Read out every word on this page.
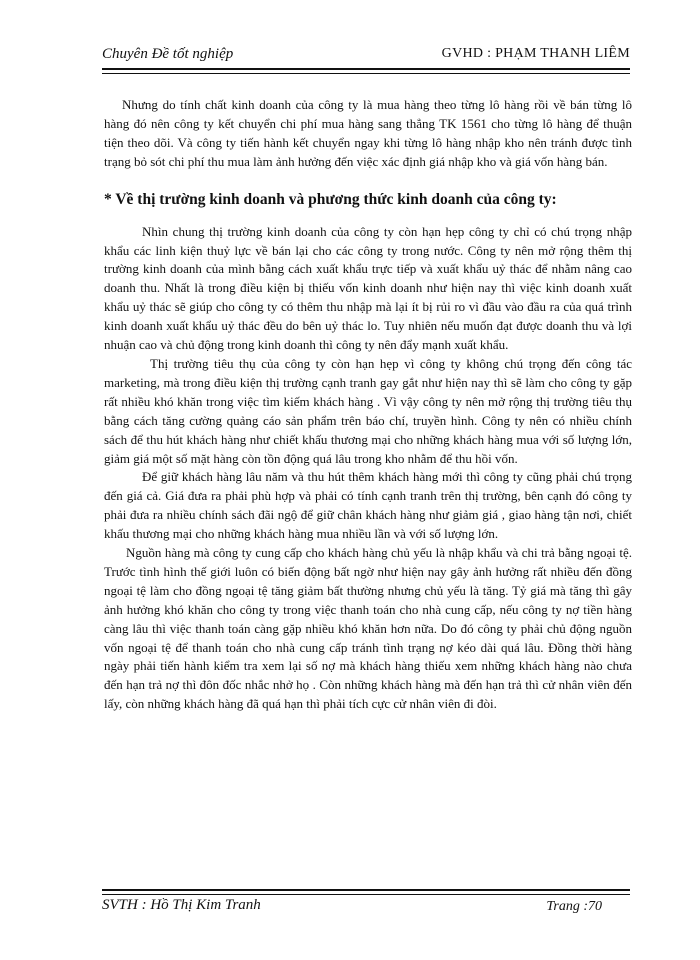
Chuyên Đề tốt nghiệp	GVHD : PHẠM THANH LIÊM

Nhưng do tính chất kinh doanh của công ty là mua hàng theo từng lô hàng rồi về bán từng lô hàng đó nên công ty kết chuyển chi phí mua hàng sang thẳng TK 1561 cho từng lô hàng để thuận tiện theo dõi. Và công ty tiến hành kết chuyển ngay khi từng lô hàng nhập kho nên tránh được tình trạng bỏ sót chi phí thu mua làm ảnh hưởng đến việc xác định giá nhập kho và giá vốn hàng bán.

* Về thị trường kinh doanh và phương thức kinh doanh của công ty:

Nhìn chung thị trường kinh doanh của công ty còn hạn hẹp công ty chỉ có chú trọng nhập khẩu các linh kiện thuỷ lực về bán lại cho các công ty trong nước. Công ty nên mở rộng thêm thị trường kinh doanh của mình bằng cách xuất khẩu trực tiếp và xuất khẩu uỷ thác để nhằm nâng cao doanh thu. Nhất là trong điều kiện bị thiếu vốn kinh doanh như hiện nay thì việc kinh doanh xuất khẩu uỷ thác sẽ giúp cho công ty có thêm thu nhập mà lại ít bị rủi ro vì đầu vào đầu ra của quá trình kinh doanh xuất khẩu uỷ thác đều do bên uỷ thác lo. Tuy nhiên nếu muốn đạt được doanh thu và lợi nhuận cao và chủ động trong kinh doanh thì công ty nên đẩy mạnh xuất khẩu.

Thị trường tiêu thụ của công ty còn hạn hẹp vì công ty không chú trọng đến công tác marketing, mà trong điều kiện thị trường cạnh tranh gay gắt như hiện nay thì sẽ làm cho công ty gặp rất nhiều khó khăn trong việc tìm kiếm khách hàng . Vì vậy công ty nên mở rộng thị trường tiêu thụ bằng cách tăng cường quảng cáo sản phẩm trên báo chí, truyền hình. Công ty nên có nhiều chính sách để thu hút khách hàng như chiết khấu thương mại cho những khách hàng mua với số lượng lớn, giảm giá một số mặt hàng còn tồn động quá lâu trong kho nhằm để thu hồi vốn.

Để giữ khách hàng lâu năm và thu hút thêm khách hàng mới thì công ty cũng phải chú trọng đến giá cả. Giá đưa ra phải phù hợp và phải có tính cạnh tranh trên thị trường, bên cạnh đó công ty phải đưa ra nhiều chính sách đãi ngộ để giữ chân khách hàng như giảm giá , giao hàng tận nơi, chiết khấu thương mại cho những khách hàng mua nhiều lần và với số lượng lớn.

Nguồn hàng mà công ty cung cấp cho khách hàng chủ yếu là nhập khẩu và chi trả bằng ngoại tệ. Trước tình hình thế giới luôn có biến động bất ngờ như hiện nay gây ảnh hưởng rất nhiều đến đồng ngoại tệ làm cho đồng ngoại tệ tăng giảm bất thường nhưng chủ yếu là tăng. Tỷ giá mà tăng thì gây ảnh hưởng khó khăn cho công ty trong việc thanh toán cho nhà cung cấp, nếu công ty nợ tiền hàng càng lâu thì việc thanh toán càng gặp nhiều khó khăn hơn nữa. Do đó công ty phải chủ động nguồn vốn ngoại tệ để thanh toán cho nhà cung cấp tránh tình trạng nợ kéo dài quá lâu. Đồng thời hàng ngày phải tiến hành kiểm tra xem lại số nợ mà khách hàng thiếu xem những khách hàng nào chưa đến hạn trả nợ thì đôn đốc nhắc nhở họ . Còn những khách hàng mà đến hạn trả thì cử nhân viên đến lấy, còn những khách hàng đã quá hạn thì phải tích cực cử nhân viên đi đòi.

SVTH : Hồ Thị Kim Tranh	Trang :70
